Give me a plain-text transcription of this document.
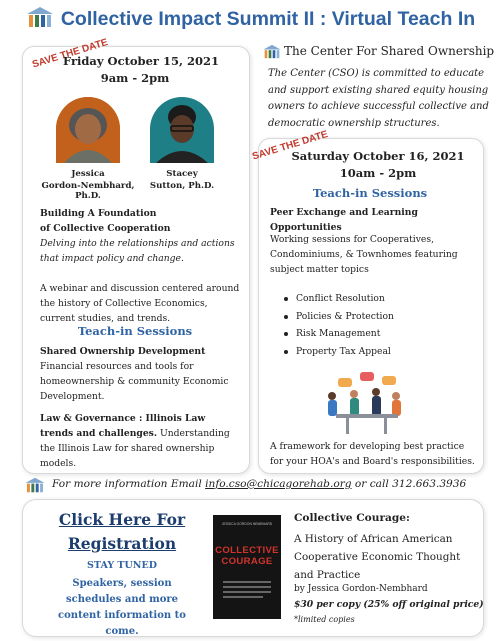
Collective Impact Summit II : Virtual Teach In
SAVE THE DATE
Friday October 15, 2021
9am - 2pm
Jessica
Gordon-Nembhard, Ph.D.
Stacey
Sutton, Ph.D.
Building A Foundation
of Collective Cooperation
Delving into the relationships and actions that impact policy and change.
A webinar and discussion centered around the history of Collective Economics, current studies, and trends.
Teach-in Sessions
Shared Ownership Development
Financial resources and tools for homeownership & community Economic Development.
Law & Governance : Illinois Law trends and challenges. Understanding the Illinois Law for shared ownership models.
The Center For Shared Ownership
The Center (CSO) is committed to educate and support existing shared equity housing owners to achieve successful collective and democratic ownership structures.
SAVE THE DATE
Saturday October 16, 2021
10am - 2pm
Teach-in Sessions
Peer Exchange and Learning Opportunities
Working sessions for Cooperatives, Condominiums, & Townhomes featuring subject matter topics
Conflict Resolution
Policies & Protection
Risk Management
Property Tax Appeal
A framework for developing best practice for your HOA's and Board's responsibilities.
For more information Email info.cso@chicagorehab.org or call 312.663.3936
Click Here For
Registration
STAY TUNED
Speakers, session schedules and more content information to come.
JESSICA GORDON NEMBHARD
COLLECTIVE
COURAGE
Collective Courage:
A History of African American Cooperative Economic Thought and Practice
by Jessica Gordon-Nembhard
$30 per copy (25% off original price)
*limited copies
